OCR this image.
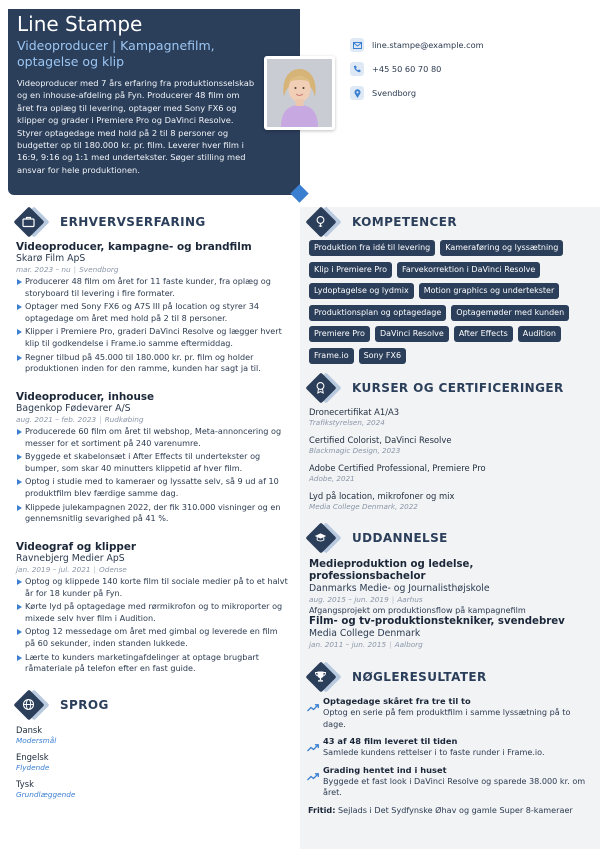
Line Stampe
Videoproducer | Kampagnefilm, optagelse og klip
Videoproducer med 7 års erfaring fra produktionsselskab og en inhouse-afdeling på Fyn. Producerer 48 film om året fra oplæg til levering, optager med Sony FX6 og klipper og grader i Premiere Pro og DaVinci Resolve. Styrer optagedage med hold på 2 til 8 personer og budgetter op til 180.000 kr. pr. film. Leverer hver film i 16:9, 9:16 og 1:1 med undertekster. Søger stilling med ansvar for hele produktionen.
line.stampe@example.com
+45 50 60 70 80
Svendborg
ERHVERVSERFARING
Videoproducer, kampagne- og brandfilm
Skarø Film ApS
mar. 2023 – nu | Svendborg
Producerer 48 film om året for 11 faste kunder, fra oplæg og storyboard til levering i fire formater.
Optager med Sony FX6 og A7S III på location og styrer 34 optagedage om året med hold på 2 til 8 personer.
Klipper i Premiere Pro, graderi DaVinci Resolve og lægger hvert klip til godkendelse i Frame.io samme eftermiddag.
Regner tilbud på 45.000 til 180.000 kr. pr. film og holder produktionen inden for den ramme, kunden har sagt ja til.
Videoproducer, inhouse
Bagenkop Fødevarer A/S
aug. 2021 – feb. 2023 | Rudkøbing
Producerede 60 film om året til webshop, Meta-annoncering og messer for et sortiment på 240 varenumre.
Byggede et skabelonsæt i After Effects til undertekster og bumper, som skar 40 minutters klippetid af hver film.
Optog i studie med to kameraer og lyssatte selv, så 9 ud af 10 produktfilm blev færdige samme dag.
Klippede julekampagnen 2022, der fik 310.000 visninger og en gennemsnitlig sevarighed på 41 %.
Videograf og klipper
Ravnebjerg Medier ApS
jan. 2019 – jul. 2021 | Odense
Optog og klippede 140 korte film til sociale medier på to et halvt år for 18 kunder på Fyn.
Kørte lyd på optagedage med rørmikrofon og to mikroporter og mixede selv hver film i Audition.
Optog 12 messedage om året med gimbal og leverede en film på 60 sekunder, inden standen lukkede.
Lærte to kunders marketingafdelinger at optage brugbart råmateriale på telefon efter en fast guide.
SPROG
Dansk
Modersmål
Engelsk
Flydende
Tysk
Grundlæggende
KOMPETENCER
Produktion fra idé til levering	Kameraføring og lyssætning
Klip i Premiere Pro	Farvekorrektion i DaVinci Resolve
Lydoptagelse og lydmix	Motion graphics og undertekster
Produktionsplan og optagedage	Optagemøder med kunden
Premiere Pro	DaVinci Resolve	After Effects	Audition
Frame.io	Sony FX6
KURSER OG CERTIFICERINGER
Dronecertifikat A1/A3
Trafikstyrelsen, 2024
Certified Colorist, DaVinci Resolve
Blackmagic Design, 2023
Adobe Certified Professional, Premiere Pro
Adobe, 2021
Lyd på location, mikrofoner og mix
Media College Denmark, 2022
UDDANNELSE
Medieproduktion og ledelse, professionsbachelor
Danmarks Medie- og Journalisthøjskole
aug. 2015 – jun. 2019 | Aarhus
Afgangsprojekt om produktionsflow på kampagnefilm
Film- og tv-produktionstekniker, svendebrev
Media College Denmark
jan. 2011 – jun. 2015 | Aalborg
NØGLERESULTATER
Optagedage skåret fra tre til to
Optog en serie på fem produktfilm i samme lyssætning på to dage.
43 af 48 film leveret til tiden
Samlede kundens rettelser i to faste runder i Frame.io.
Grading hentet ind i huset
Byggede et fast look i DaVinci Resolve og sparede 38.000 kr. om året.
Fritid: Sejlads i Det Sydfynske Øhav og gamle Super 8-kameraer
